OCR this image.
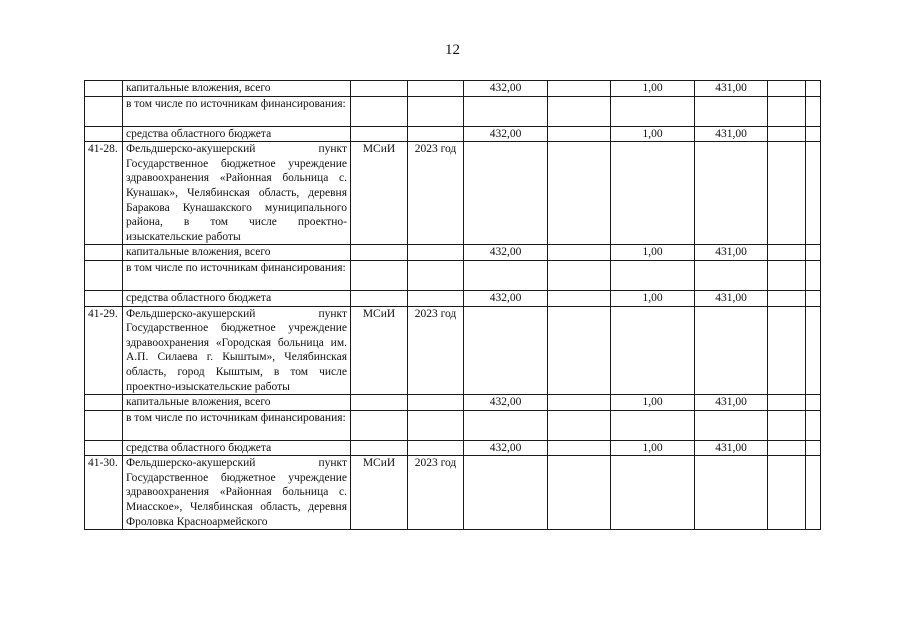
12
	капитальные вложения, всего			432,00		1,00	431,00		
	в том числе по источникам финансирования:								
	средства областного бюджета			432,00		1,00	431,00		
41-28.	Фельдшерско-акушерский пункт Государственное бюджетное учреждение здравоохранения «Районная больница с. Кунашак», Челябинская область, деревня Баракова Кунашакского муниципального района, в том числе проектно-изыскательские работы	МСиИ	2023 год						
	капитальные вложения, всего			432,00		1,00	431,00		
	в том числе по источникам финансирования:								
	средства областного бюджета			432,00		1,00	431,00		
41-29.	Фельдшерско-акушерский пункт Государственное бюджетное учреждение здравоохранения «Городская больница им. А.П. Силаева г. Кыштым», Челябинская область, город Кыштым, в том числе проектно-изыскательские работы	МСиИ	2023 год						
	капитальные вложения, всего			432,00		1,00	431,00		
	в том числе по источникам финансирования:								
	средства областного бюджета			432,00		1,00	431,00		
41-30.	Фельдшерско-акушерский пункт Государственное бюджетное учреждение здравоохранения «Районная больница с. Миасское», Челябинская область, деревня Фроловка Красноармейского	МСиИ	2023 год						
